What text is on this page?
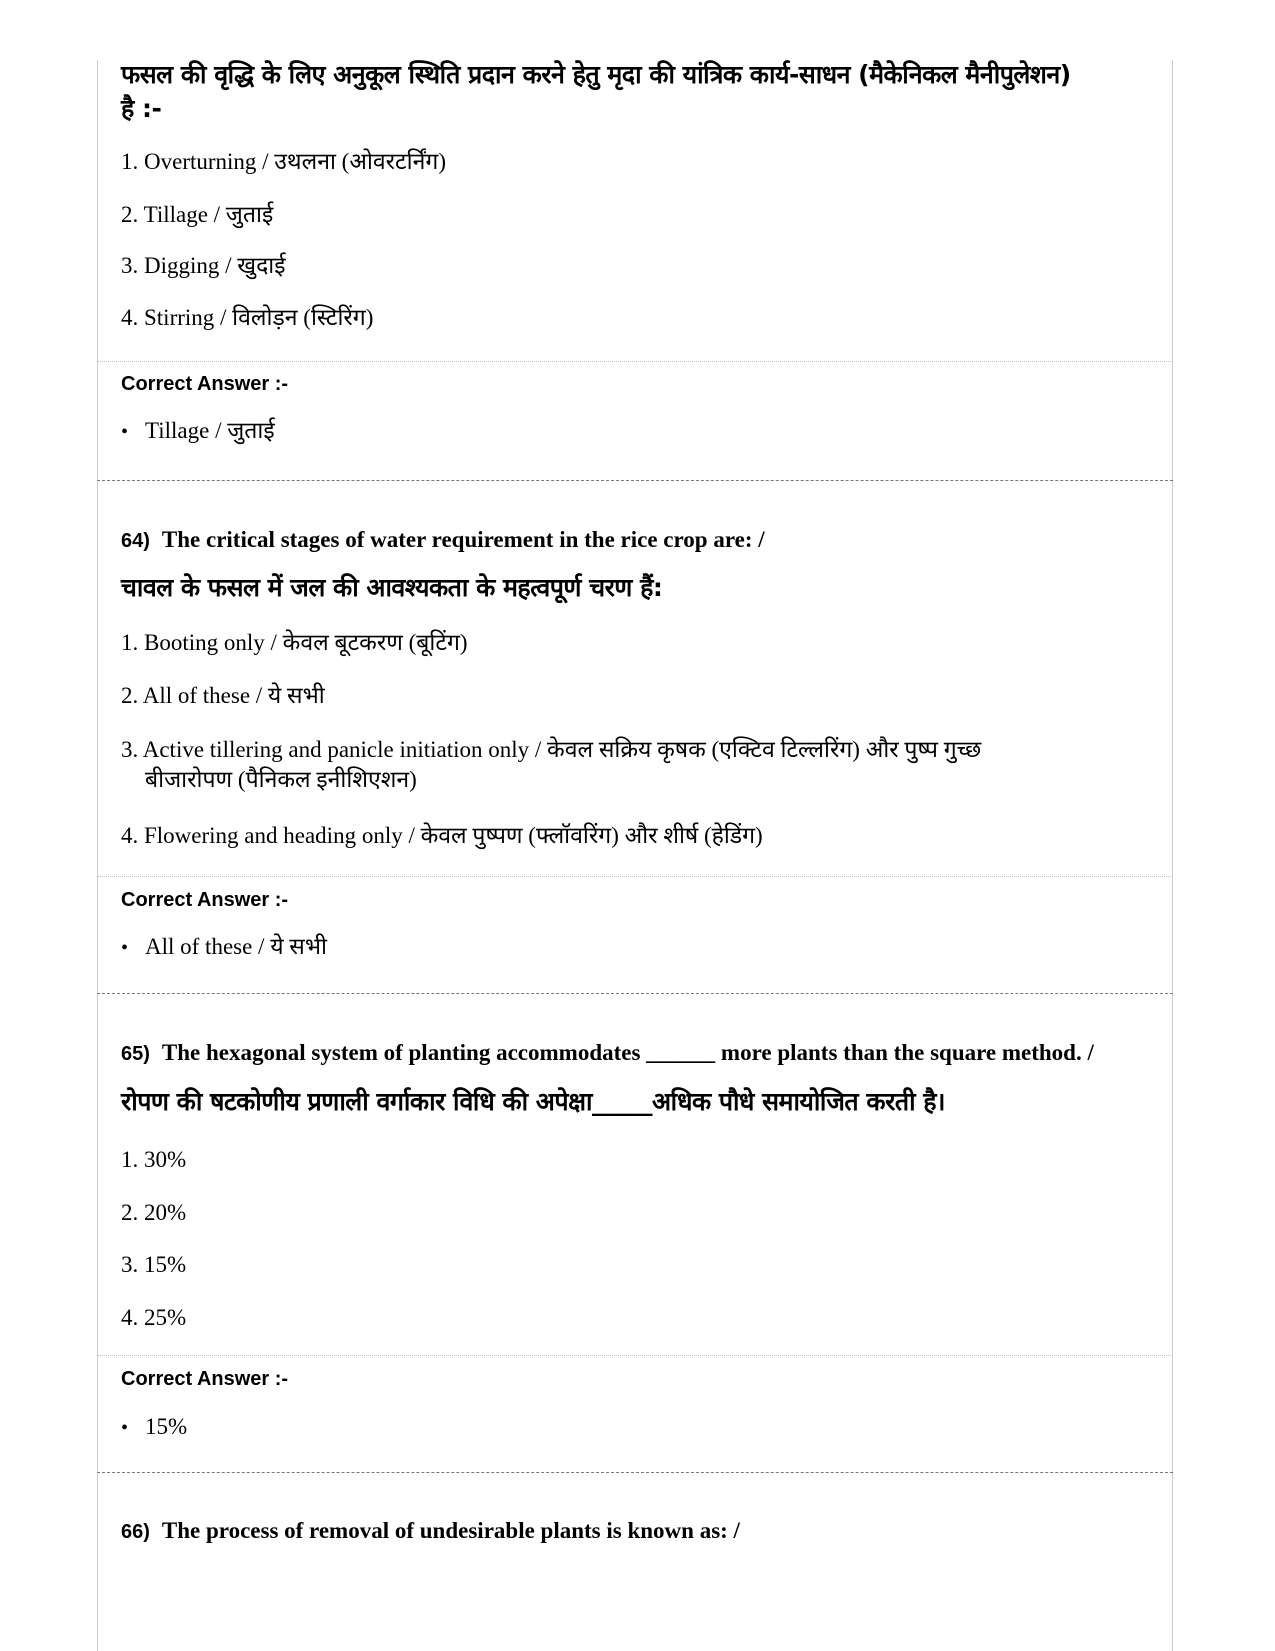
फसल की वृद्धि के लिए अनुकूल स्थिति प्रदान करने हेतु मृदा की यांत्रिक कार्य-साधन (मैकेनिकल मैनीपुलेशन) है :-
1. Overturning / उथलना (ओवरटर्निंग)
2. Tillage / जुताई
3. Digging / खुदाई
4. Stirring / विलोड़न (स्टिरिंग)
Correct Answer :-
• Tillage / जुताई
64) The critical stages of water requirement in the rice crop are: /
चावल के फसल में जल की आवश्यकता के महत्वपूर्ण चरण हैं:
1. Booting only / केवल बूटकरण (बूटिंग)
2. All of these / ये सभी
3. Active tillering and panicle initiation only / केवल सक्रिय कृषक (एक्टिव टिल्लरिंग) और पुष्प गुच्छ
बीजारोपण (पैनिकल इनीशिएशन)
4. Flowering and heading only / केवल पुष्पण (फ्लॉवरिंग) और शीर्ष (हेडिंग)
Correct Answer :-
• All of these / ये सभी
65) The hexagonal system of planting accommodates ______ more plants than the square method. /
रोपण की षटकोणीय प्रणाली वर्गाकार विधि की अपेक्षा_____अधिक पौधे समायोजित करती है।
1. 30%
2. 20%
3. 15%
4. 25%
Correct Answer :-
• 15%
66) The process of removal of undesirable plants is known as: /
